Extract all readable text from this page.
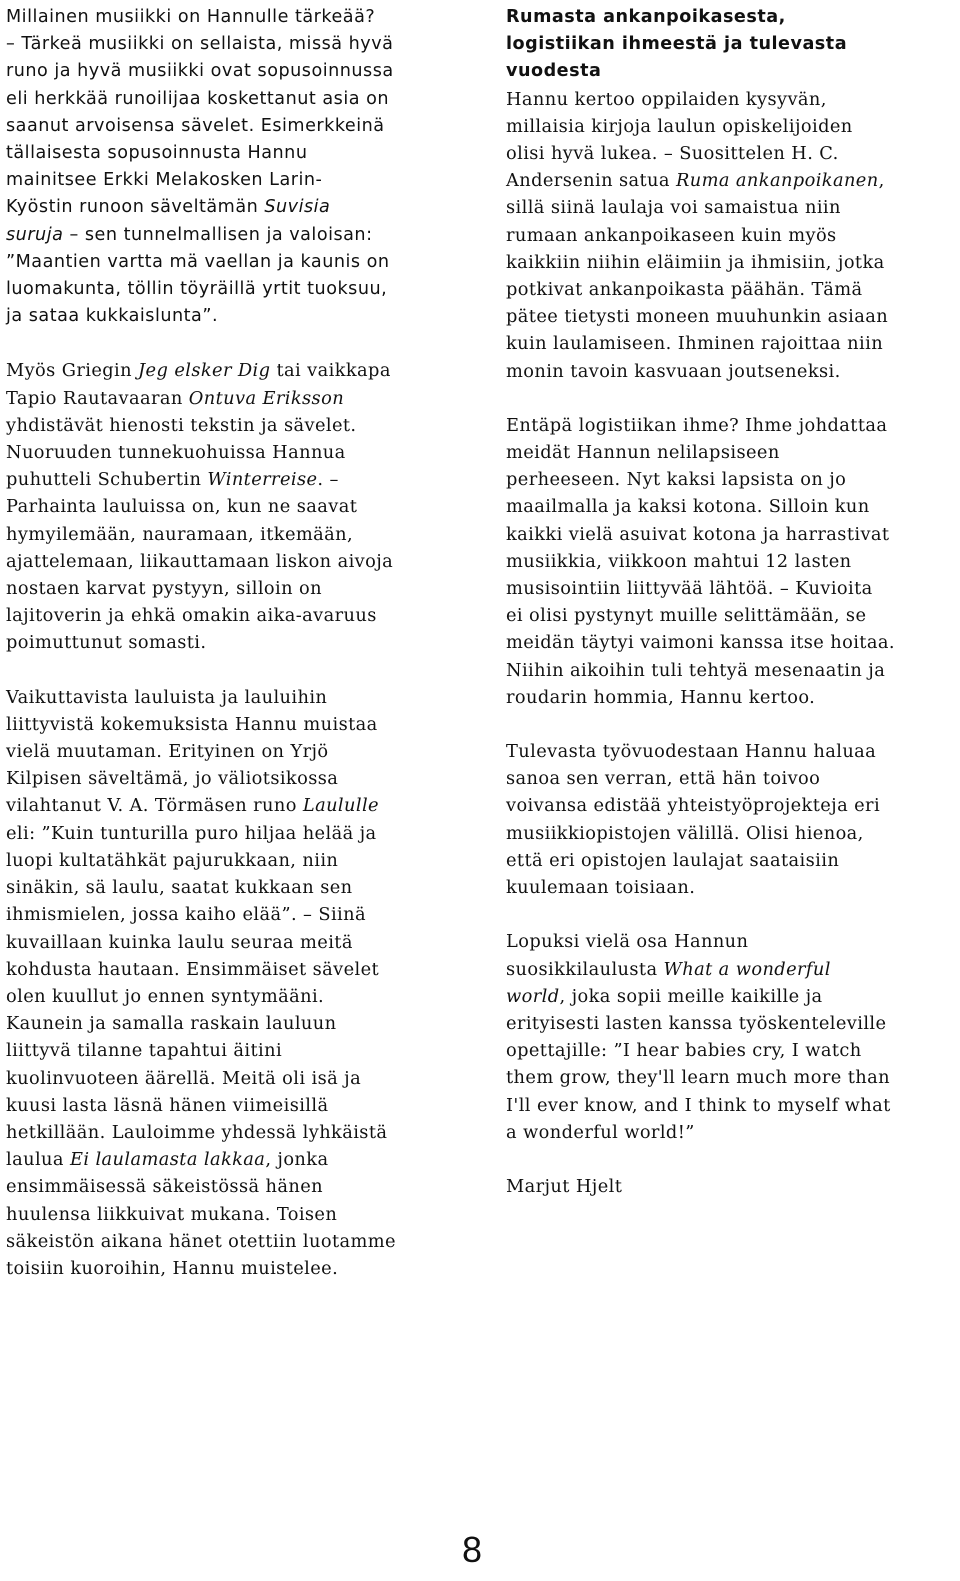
Millainen musiikki on Hannulle tärkeää?
– Tärkeä musiikki on sellaista, missä hyvä
runo ja hyvä musiikki ovat sopusoinnussa
eli herkkää runoilijaa koskettanut asia on
saanut arvoisensa sävelet. Esimerkkeinä
tällaisesta sopusoinnusta Hannu
mainitsee Erkki Melakosken Larin-
Kyöstin runoon säveltämän Suvisia
suruja – sen tunnelmallisen ja valoisan:
”Maantien vartta mä vaellan ja kaunis on
luomakunta, töllin töyräillä yrtit tuoksuu,
ja sataa kukkaislunta”.

Myös Griegin Jeg elsker Dig tai vaikkapa
Tapio Rautavaaran Ontuva Eriksson
yhdistävät hienosti tekstin ja sävelet.
Nuoruuden tunnekuohuissa Hannua
puhutteli Schubertin Winterreise. –
Parhainta lauluissa on, kun ne saavat
hymyilemään, nauramaan, itkemään,
ajattelemaan, liikauttamaan liskon aivoja
nostaen karvat pystyyn, silloin on
lajitoverin ja ehkä omakin aika-avaruus
poimuttunut somasti.

Vaikuttavista lauluista ja lauluihin
liittyvistä kokemuksista Hannu muistaa
vielä muutaman. Erityinen on Yrjö
Kilpisen säveltämä, jo väliotsikossa
vilahtanut V. A. Törmäsen runo Laululle
eli: ”Kuin tunturilla puro hiljaa helää ja
luopi kultatähkät pajurukkaan, niin
sinäkin, sä laulu, saatat kukkaan sen
ihmismielen, jossa kaiho elää”. – Siinä
kuvaillaan kuinka laulu seuraa meitä
kohdusta hautaan. Ensimmäiset sävelet
olen kuullut jo ennen syntymääni.
Kaunein ja samalla raskain lauluun
liittyvä tilanne tapahtui äitini
kuolinvuoteen äärellä. Meitä oli isä ja
kuusi lasta läsnä hänen viimeisillä
hetkillään. Lauloimme yhdessä lyhkäistä
laulua Ei laulamasta lakkaa, jonka
ensimmäisessä säkeistössä hänen
huulensa liikkuivat mukana. Toisen
säkeistön aikana hänet otettiin luotamme
toisiin kuoroihin, Hannu muistelee.

Rumasta ankanpoikasesta,
logistiikan ihmeestä ja tulevasta
vuodesta

Hannu kertoo oppilaiden kysyvän,
millaisia kirjoja laulun opiskelijoiden
olisi hyvä lukea. – Suosittelen H. C.
Andersenin satua Ruma ankanpoikanen,
sillä siinä laulaja voi samaistua niin
rumaan ankanpoikaseen kuin myös
kaikkiin niihin eläimiin ja ihmisiin, jotka
potkivat ankanpoikasta päähän. Tämä
pätee tietysti moneen muuhunkin asiaan
kuin laulamiseen. Ihminen rajoittaa niin
monin tavoin kasvuaan joutseneksi.

Entäpä logistiikan ihme? Ihme johdattaa
meidät Hannun nelilapsiseen
perheeseen. Nyt kaksi lapsista on jo
maailmalla ja kaksi kotona. Silloin kun
kaikki vielä asuivat kotona ja harrastivat
musiikkia, viikkoon mahtui 12 lasten
musisointiin liittyvää lähtöä. – Kuvioita
ei olisi pystynyt muille selittämään, se
meidän täytyi vaimoni kanssa itse hoitaa.
Niihin aikoihin tuli tehtyä mesenaatin ja
roudarin hommia, Hannu kertoo.

Tulevasta työvuodestaan Hannu haluaa
sanoa sen verran, että hän toivoo
voivansa edistää yhteistyöprojekteja eri
musiikkiopistojen välillä. Olisi hienoa,
että eri opistojen laulajat saataisiin
kuulemaan toisiaan.

Lopuksi vielä osa Hannun
suosikkilaulusta What a wonderful
world, joka sopii meille kaikille ja
erityisesti lasten kanssa työskenteleville
opettajille: ”I hear babies cry, I watch
them grow, they'll learn much more than
I'll ever know, and I think to myself what
a wonderful world!”

Marjut Hjelt

8
